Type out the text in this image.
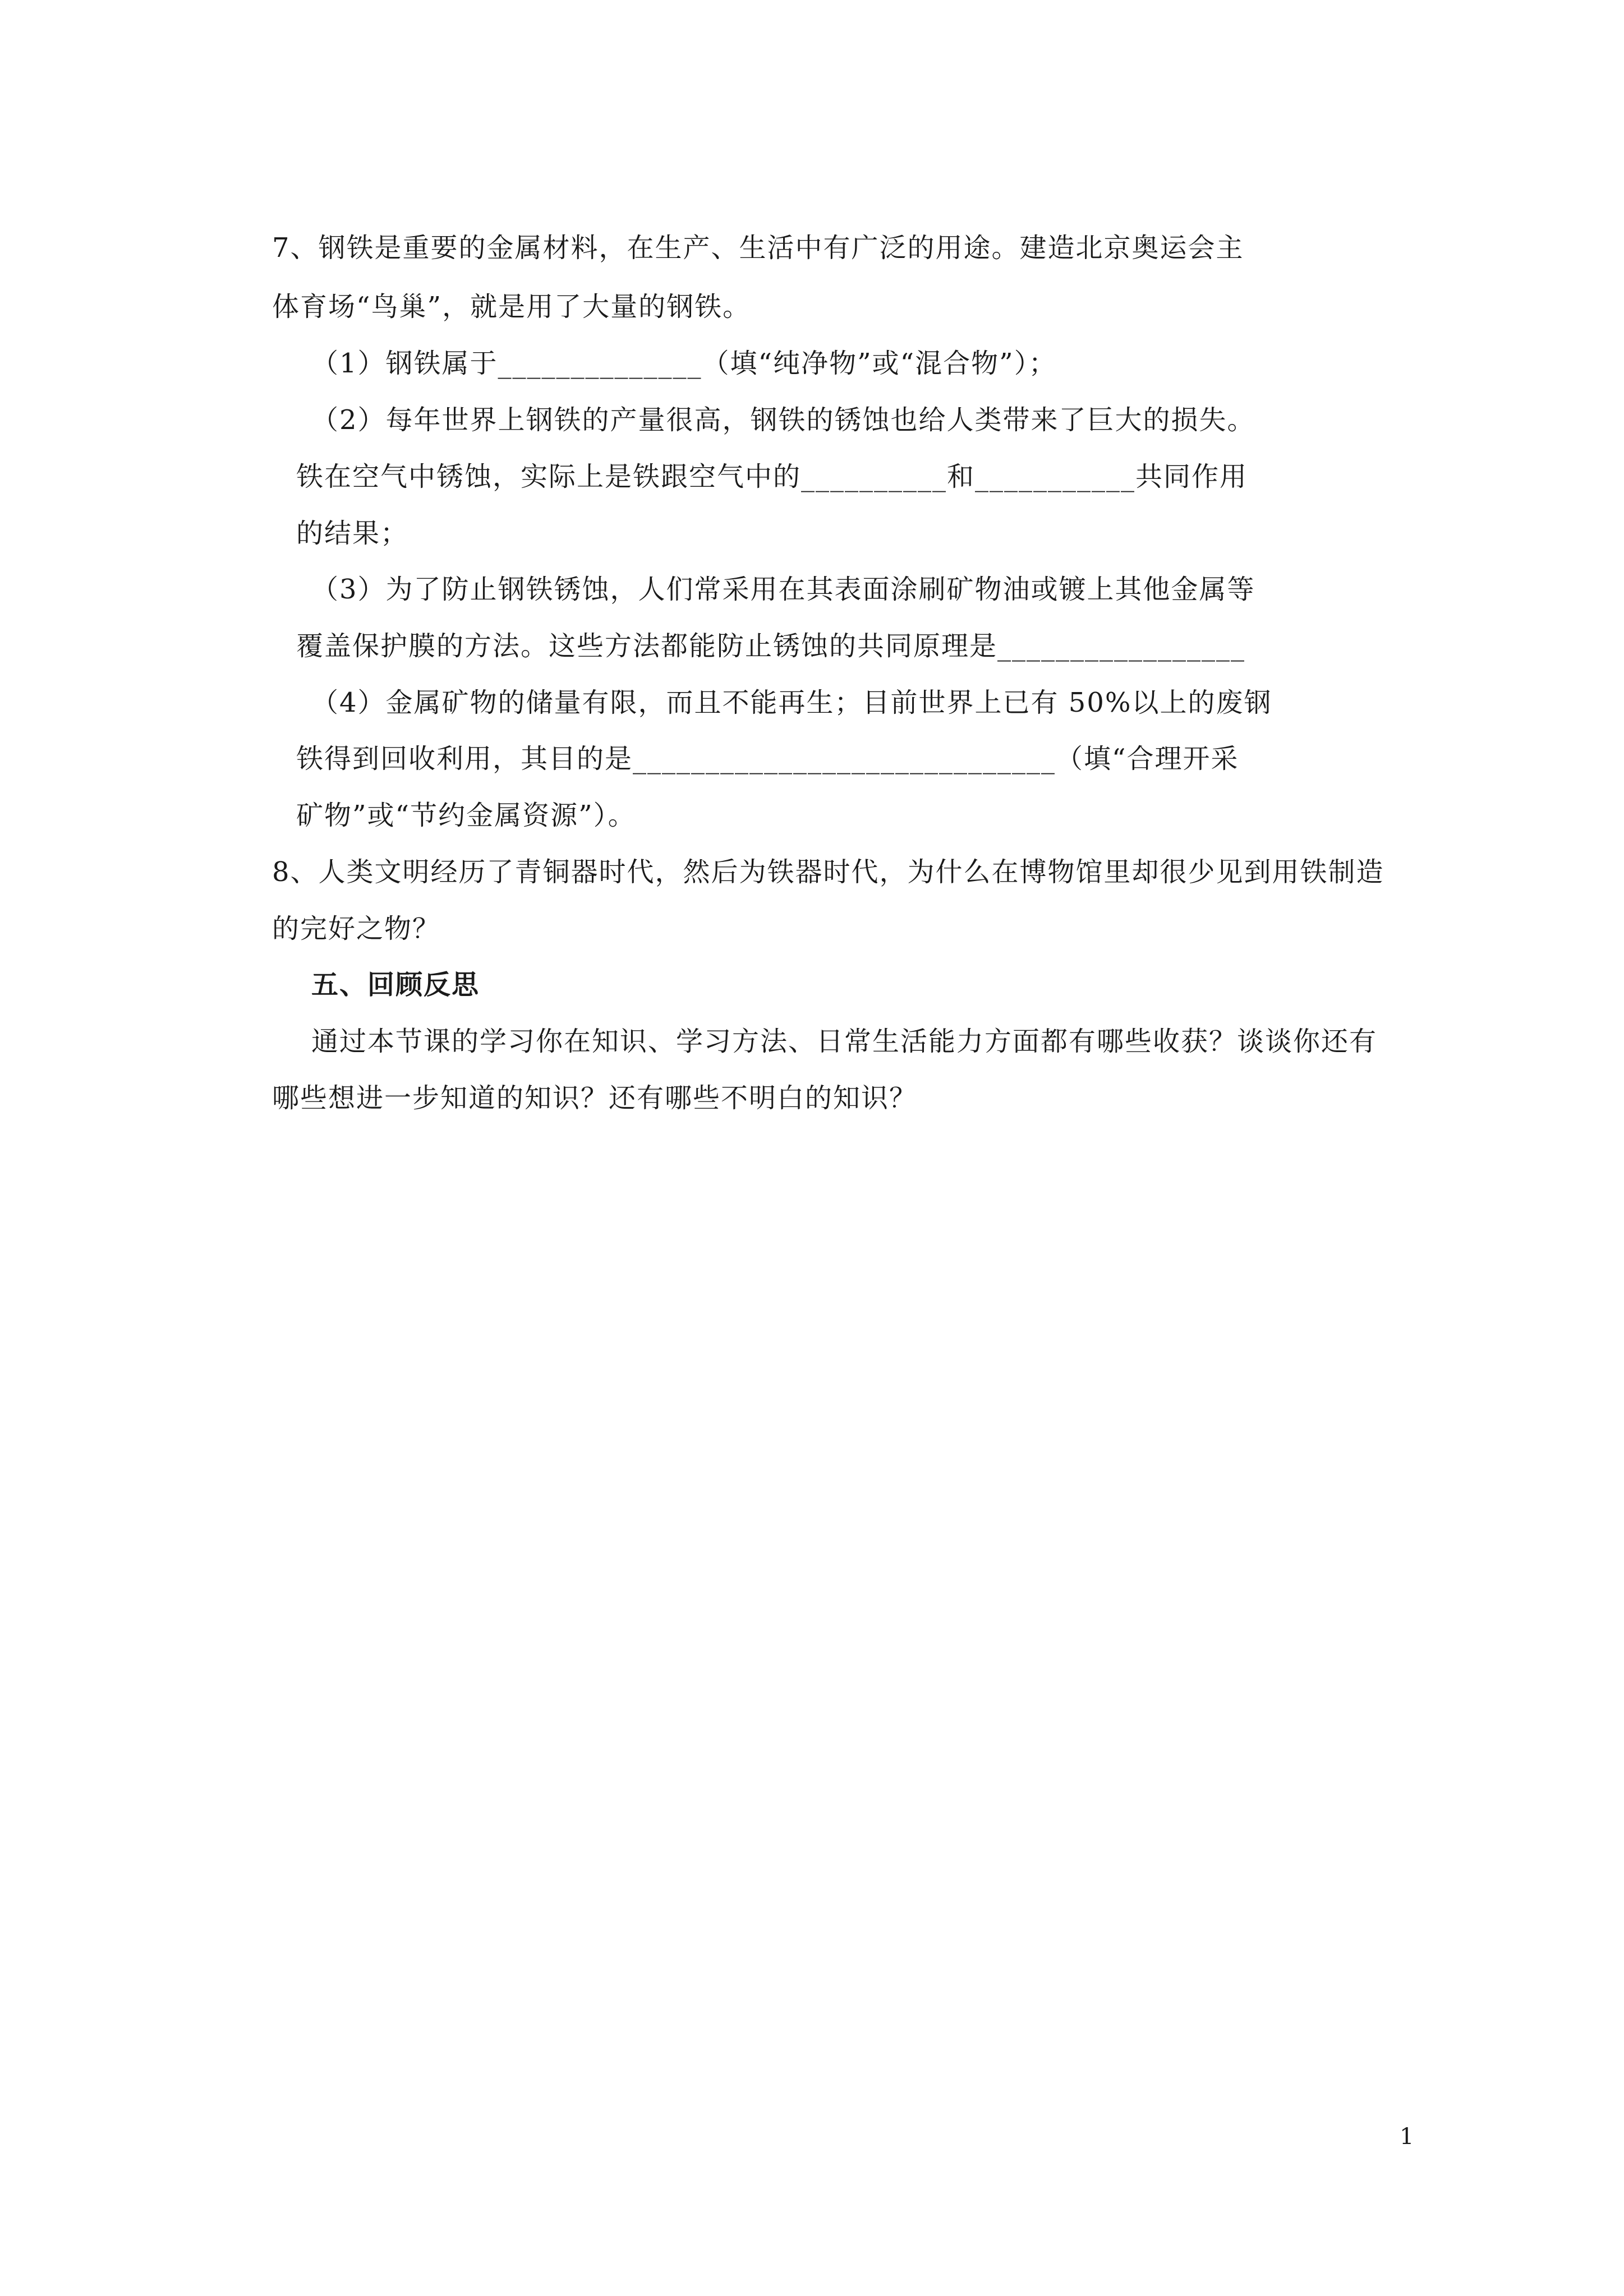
7、钢铁是重要的金属材料，在生产、生活中有广泛的用途。建造北京奥运会主
体育场“鸟巢”，就是用了大量的钢铁。
（1）钢铁属于______________（填“纯净物”或“混合物”）；
（2）每年世界上钢铁的产量很高，钢铁的锈蚀也给人类带来了巨大的损失。
铁在空气中锈蚀，实际上是铁跟空气中的__________和___________共同作用
的结果；
（3）为了防止钢铁锈蚀，人们常采用在其表面涂刷矿物油或镀上其他金属等
覆盖保护膜的方法。这些方法都能防止锈蚀的共同原理是_________________
（4）金属矿物的储量有限，而且不能再生；目前世界上已有 50%以上的废钢
铁得到回收利用，其目的是_____________________________（填“合理开采
矿物”或“节约金属资源”）。
8、人类文明经历了青铜器时代，然后为铁器时代，为什么在博物馆里却很少见到用铁制造
的完好之物？
五、回顾反思
通过本节课的学习你在知识、学习方法、日常生活能力方面都有哪些收获？谈谈你还有
哪些想进一步知道的知识？还有哪些不明白的知识？
1
